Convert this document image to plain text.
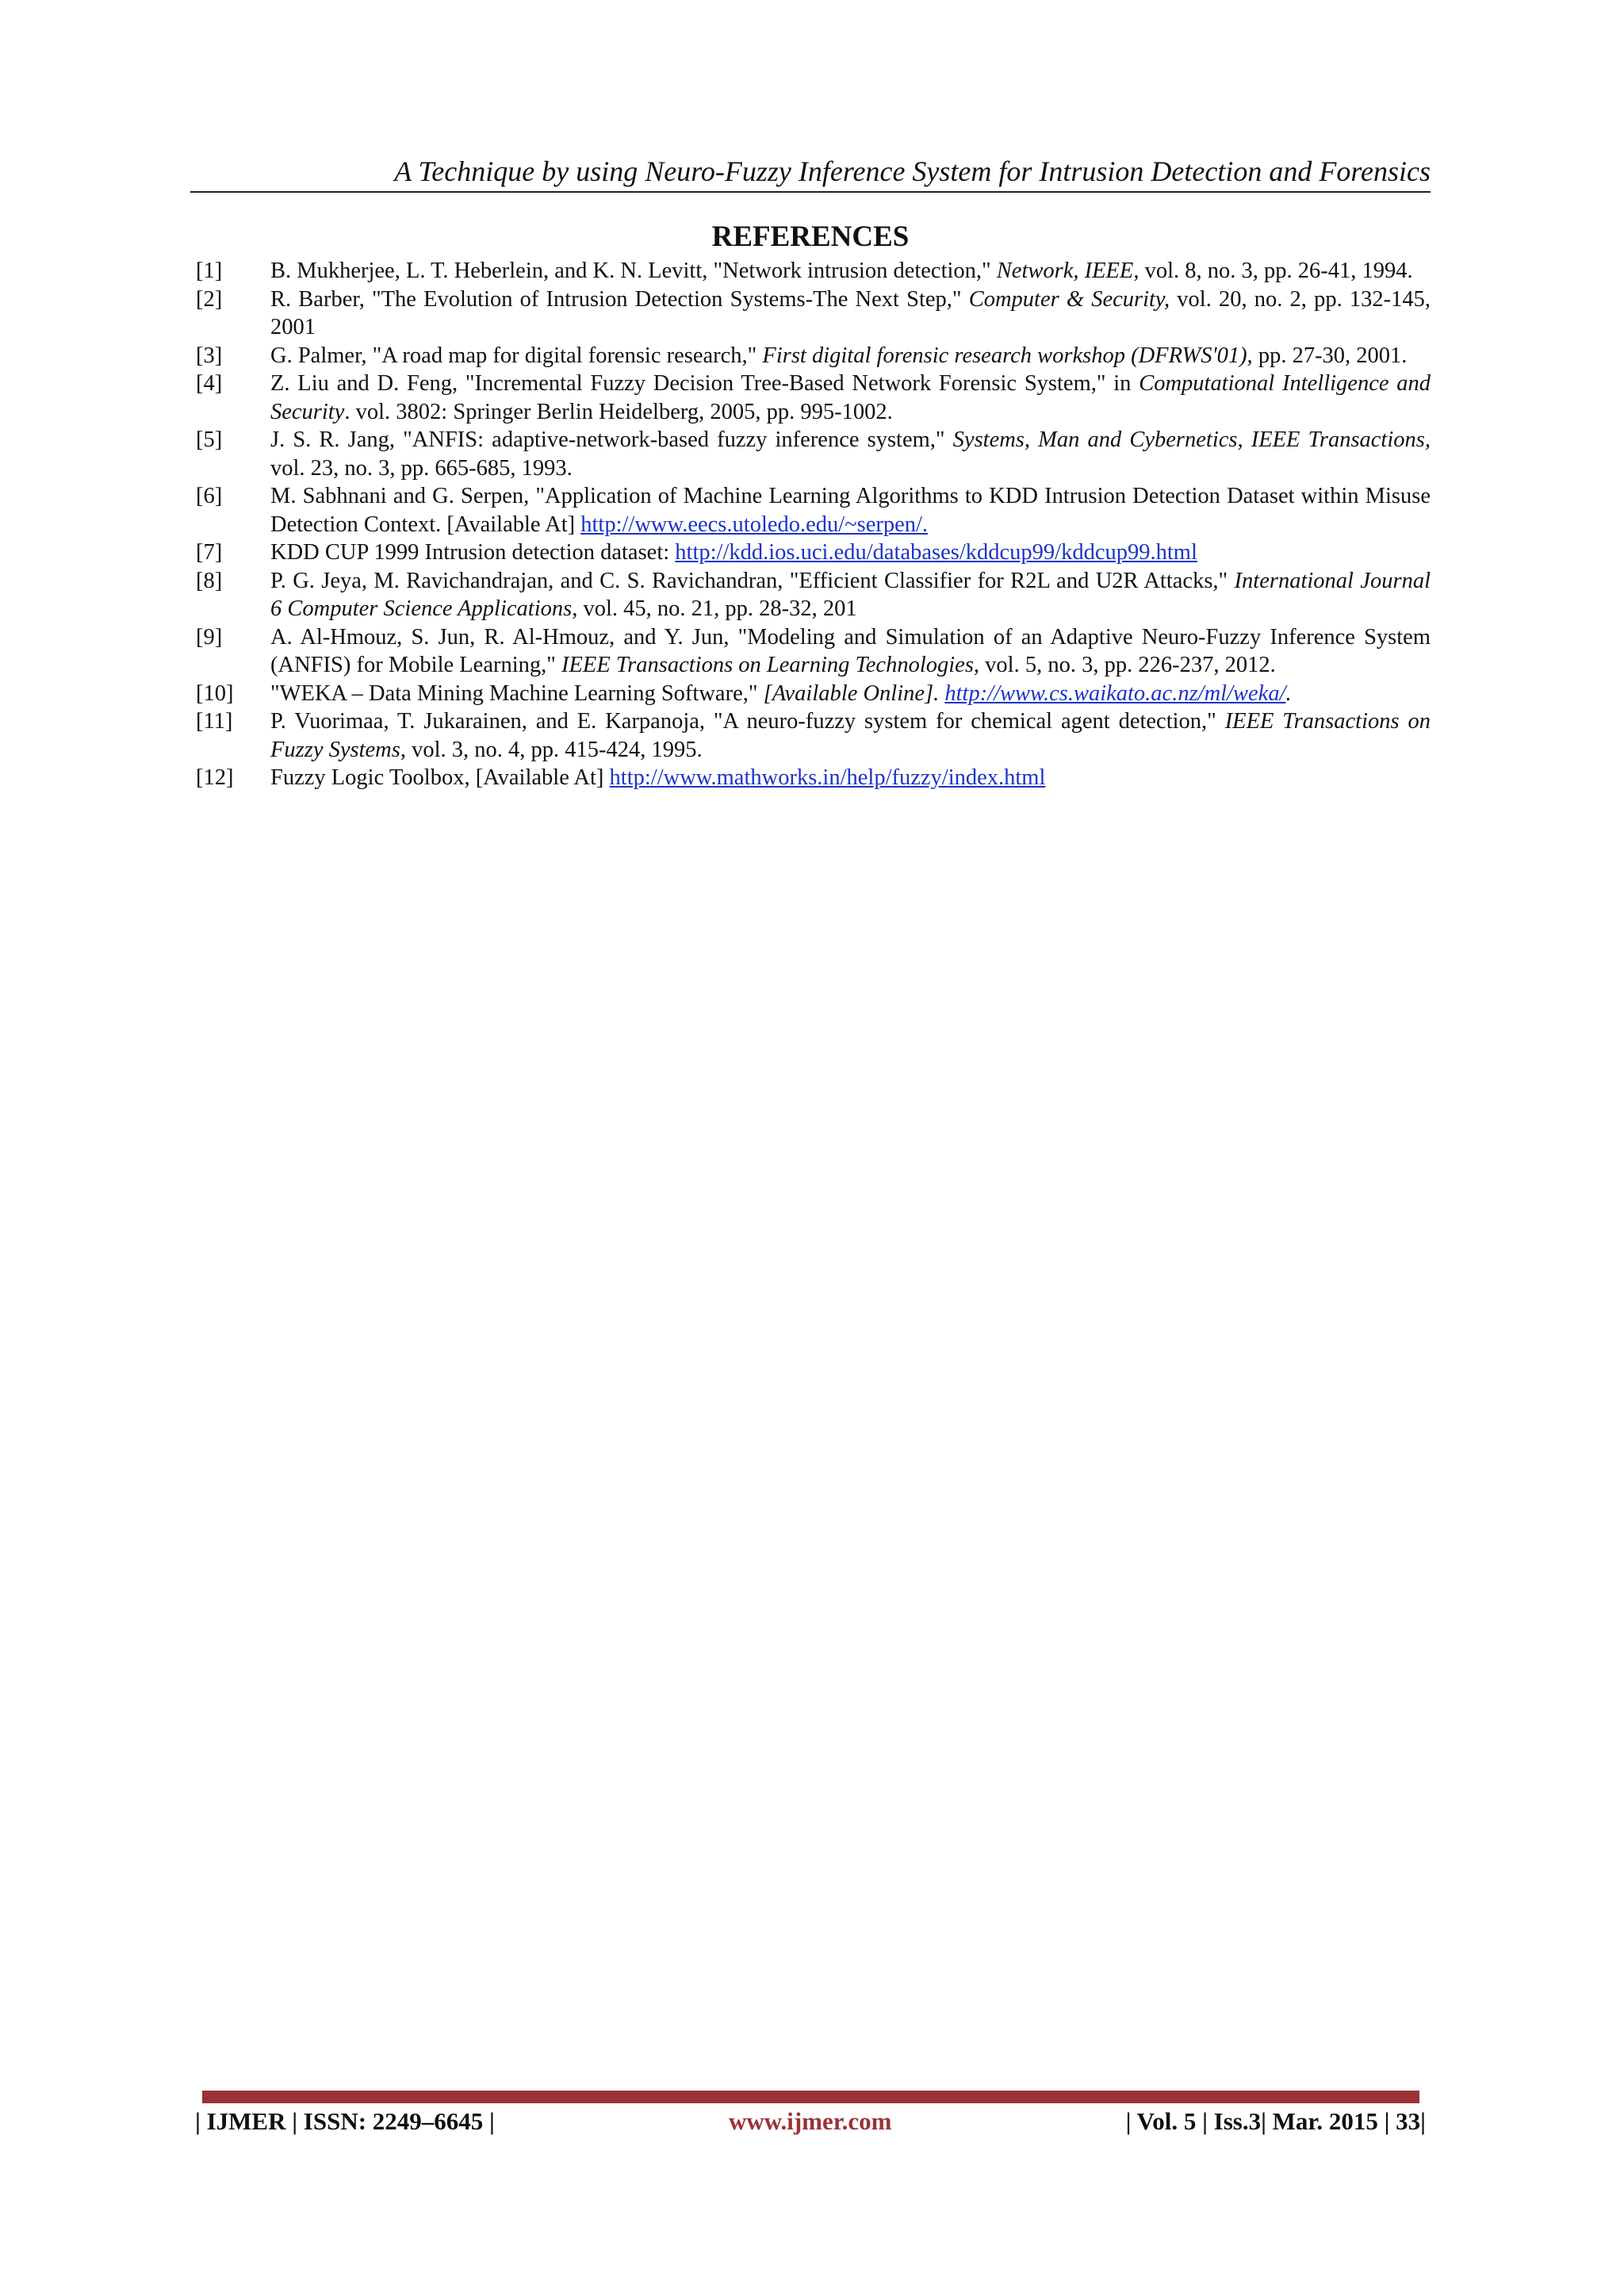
A Technique by using Neuro-Fuzzy Inference System for Intrusion Detection and Forensics
REFERENCES
[1] B. Mukherjee, L. T. Heberlein, and K. N. Levitt, "Network intrusion detection," Network, IEEE, vol. 8, no. 3, pp. 26-41, 1994.
[2] R. Barber, "The Evolution of Intrusion Detection Systems-The Next Step," Computer & Security, vol. 20, no. 2, pp. 132-145, 2001
[3] G. Palmer, "A road map for digital forensic research," First digital forensic research workshop (DFRWS'01), pp. 27-30, 2001.
[4] Z. Liu and D. Feng, "Incremental Fuzzy Decision Tree-Based Network Forensic System," in Computational Intelligence and Security. vol. 3802: Springer Berlin Heidelberg, 2005, pp. 995-1002.
[5] J. S. R. Jang, "ANFIS: adaptive-network-based fuzzy inference system," Systems, Man and Cybernetics, IEEE Transactions, vol. 23, no. 3, pp. 665-685, 1993.
[6] M. Sabhnani and G. Serpen, "Application of Machine Learning Algorithms to KDD Intrusion Detection Dataset within Misuse Detection Context. [Available At] http://www.eecs.utoledo.edu/~serpen/.
[7] KDD CUP 1999 Intrusion detection dataset: http://kdd.ios.uci.edu/databases/kddcup99/kddcup99.html
[8] P. G. Jeya, M. Ravichandrajan, and C. S. Ravichandran, "Efficient Classifier for R2L and U2R Attacks," International Journal 6 Computer Science Applications, vol. 45, no. 21, pp. 28-32, 201
[9] A. Al-Hmouz, S. Jun, R. Al-Hmouz, and Y. Jun, "Modeling and Simulation of an Adaptive Neuro-Fuzzy Inference System (ANFIS) for Mobile Learning," IEEE Transactions on Learning Technologies, vol. 5, no. 3, pp. 226-237, 2012.
[10] "WEKA – Data Mining Machine Learning Software," [Available Online]. http://www.cs.waikato.ac.nz/ml/weka/.
[11] P. Vuorimaa, T. Jukarainen, and E. Karpanoja, "A neuro-fuzzy system for chemical agent detection," IEEE Transactions on Fuzzy Systems, vol. 3, no. 4, pp. 415-424, 1995.
[12] Fuzzy Logic Toolbox, [Available At] http://www.mathworks.in/help/fuzzy/index.html
| IJMER | ISSN: 2249–6645 |	www.ijmer.com	| Vol. 5 | Iss.3| Mar. 2015 | 33|
